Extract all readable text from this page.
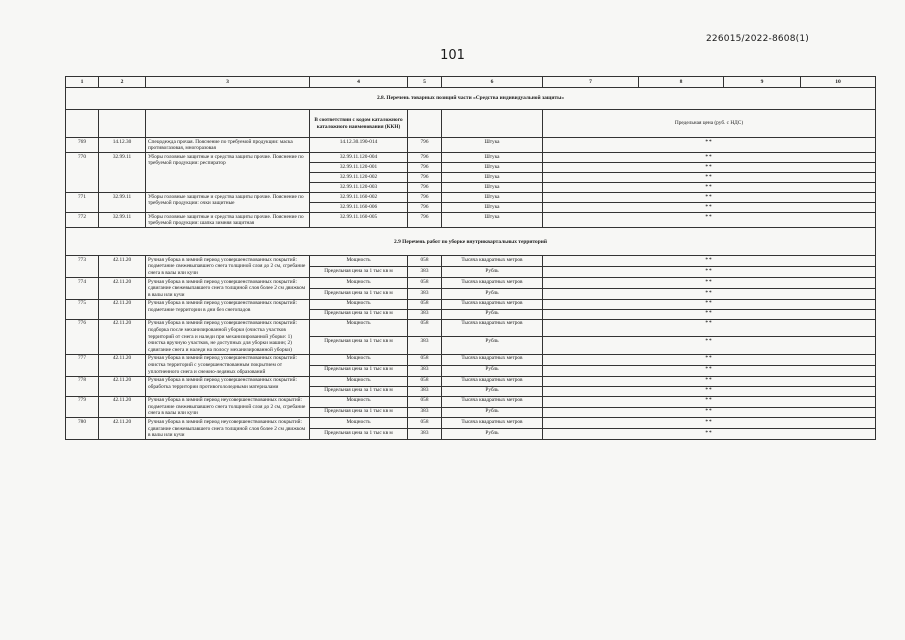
226015/2022-8608(1)
101
1	2	3	4	5	6	7	8	9	10
2.8. Перечень товарных позиций части «Средства индивидуальной защиты»									
			В соответствии с кодом каталожного каталожного наименования (ККН)			Предельная цена (руб. с НДС)			
769	14.12.30	Спецодежда прочая. Пояснение по требуемой продукции: маска противогазовая, многоразовая	14.12.30.190-014	796	Штука	**			
770	32.99.11	Уборы головные защитные и средства защиты прочие. Пояснение по требуемой продукции: респиратор	32.99.11.120-004	796	Штука	**			
			32.99.11.120-001	796	Штука	**			
			32.99.11.120-002	796	Штука	**			
			32.99.11.120-003	796	Штука	**			
771	32.99.11	Уборы головные защитные и средства защиты прочие. Пояснение по требуемой продукции: очки защитные	32.99.11.160-002	796	Штука	**			
			32.99.11.160-006	796	Штука	**			
772	32.99.11	Уборы головные защитные и средства защиты прочие. Пояснение по требуемой продукции: шапка зимняя защитная	32.99.11.160-005	796	Штука	**			
2.9 Перечень работ по уборке внутриквартальных территорий									
773	42.11.20	Ручная уборка в зимний период усовершенствованных покрытий: подметание свежевыпавшего снега толщиной слоя до 2 см, сгребание снега в валы или кучи	Мощность	058	Тысяча квадратных метров	**			
			Предельная цена за 1 тыс кв м	383	Рубль	**			
774	42.11.20	Ручная уборка в зимний период усовершенствованных покрытий: сдвигание свежевыпавшего снега толщиной слоя более 2 см движком в валы или кучи	Мощность	058	Тысяча квадратных метров	**			
			Предельная цена за 1 тыс кв м	383	Рубль	**			
775	42.11.20	Ручная уборка в зимний период усовершенствованных покрытий: подметание территории в дни без снегопадов	Мощность	058	Тысяча квадратных метров	**			
			Предельная цена за 1 тыс кв м	383	Рубль	**			
776	42.11.20	Ручная уборка в зимний период усовершенствованных покрытий: подборка после механизированной уборки (очистка участков территорий от снега и наледи при механизированной уборке: 1) очистка вручную участков, не доступных для уборки машин; 2) сдвигание снега и наледи на полосу механизированной уборки)	Мощность	058	Тысяча квадратных метров	**			
			Предельная цена за 1 тыс кв м	383	Рубль	**			
777	42.11.20	Ручная уборка в зимний период усовершенствованных покрытий: очистка территорий с усовершенствованным покрытием от уплотненного снега и снежно-ледяных образований	Мощность	058	Тысяча квадратных метров	**			
			Предельная цена за 1 тыс кв м	383	Рубль	**			
778	42.11.20	Ручная уборка в зимний период усовершенствованных покрытий: обработка территории противогололедными материалами	Мощность	058	Тысяча квадратных метров	**			
			Предельная цена за 1 тыс кв м	383	Рубль	**			
779	42.11.20	Ручная уборка в зимний период неусовершенствованных покрытий: подметание свежевыпавшего снега толщиной слоя до 2 см, сгребание снега в валы или кучи	Мощность	058	Тысяча квадратных метров	**			
			Предельная цена за 1 тыс кв м	383	Рубль	**			
780	42.11.20	Ручная уборка в зимний период неусовершенствованных покрытий: сдвигание свежевыпавшего снега толщиной слоя более 2 см движком в валы или кучи	Мощность	058	Тысяча квадратных метров	**			
			Предельная цена за 1 тыс кв м	383	Рубль	**			
